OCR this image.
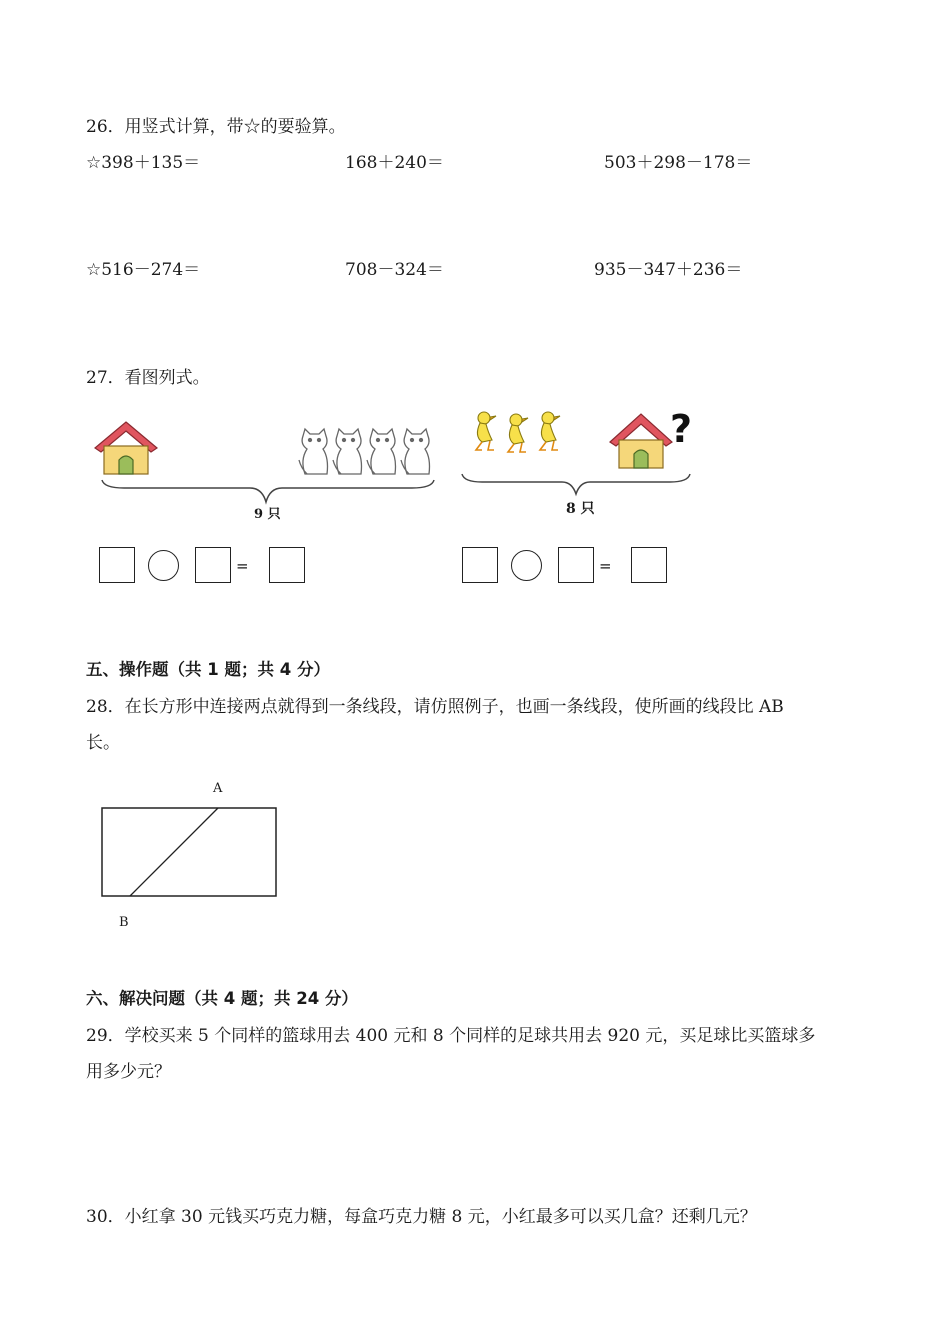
26．用竖式计算，带☆的要验算。
☆398＋135＝	168＋240＝	503＋298－178＝
☆516－274＝	708－324＝	935－347＋236＝
27．看图列式。
9 只
=
?
8 只
=
五、操作题（共 1 题；共 4 分）
28．在长方形中连接两点就得到一条线段，请仿照例子，也画一条线段，使所画的线段比 AB
长。
A
B
六、解决问题（共 4 题；共 24 分）
29．学校买来 5 个同样的篮球用去 400 元和 8 个同样的足球共用去 920 元，买足球比买篮球多
用多少元？
30．小红拿 30 元钱买巧克力糖，每盒巧克力糖 8 元，小红最多可以买几盒？还剩几元？
